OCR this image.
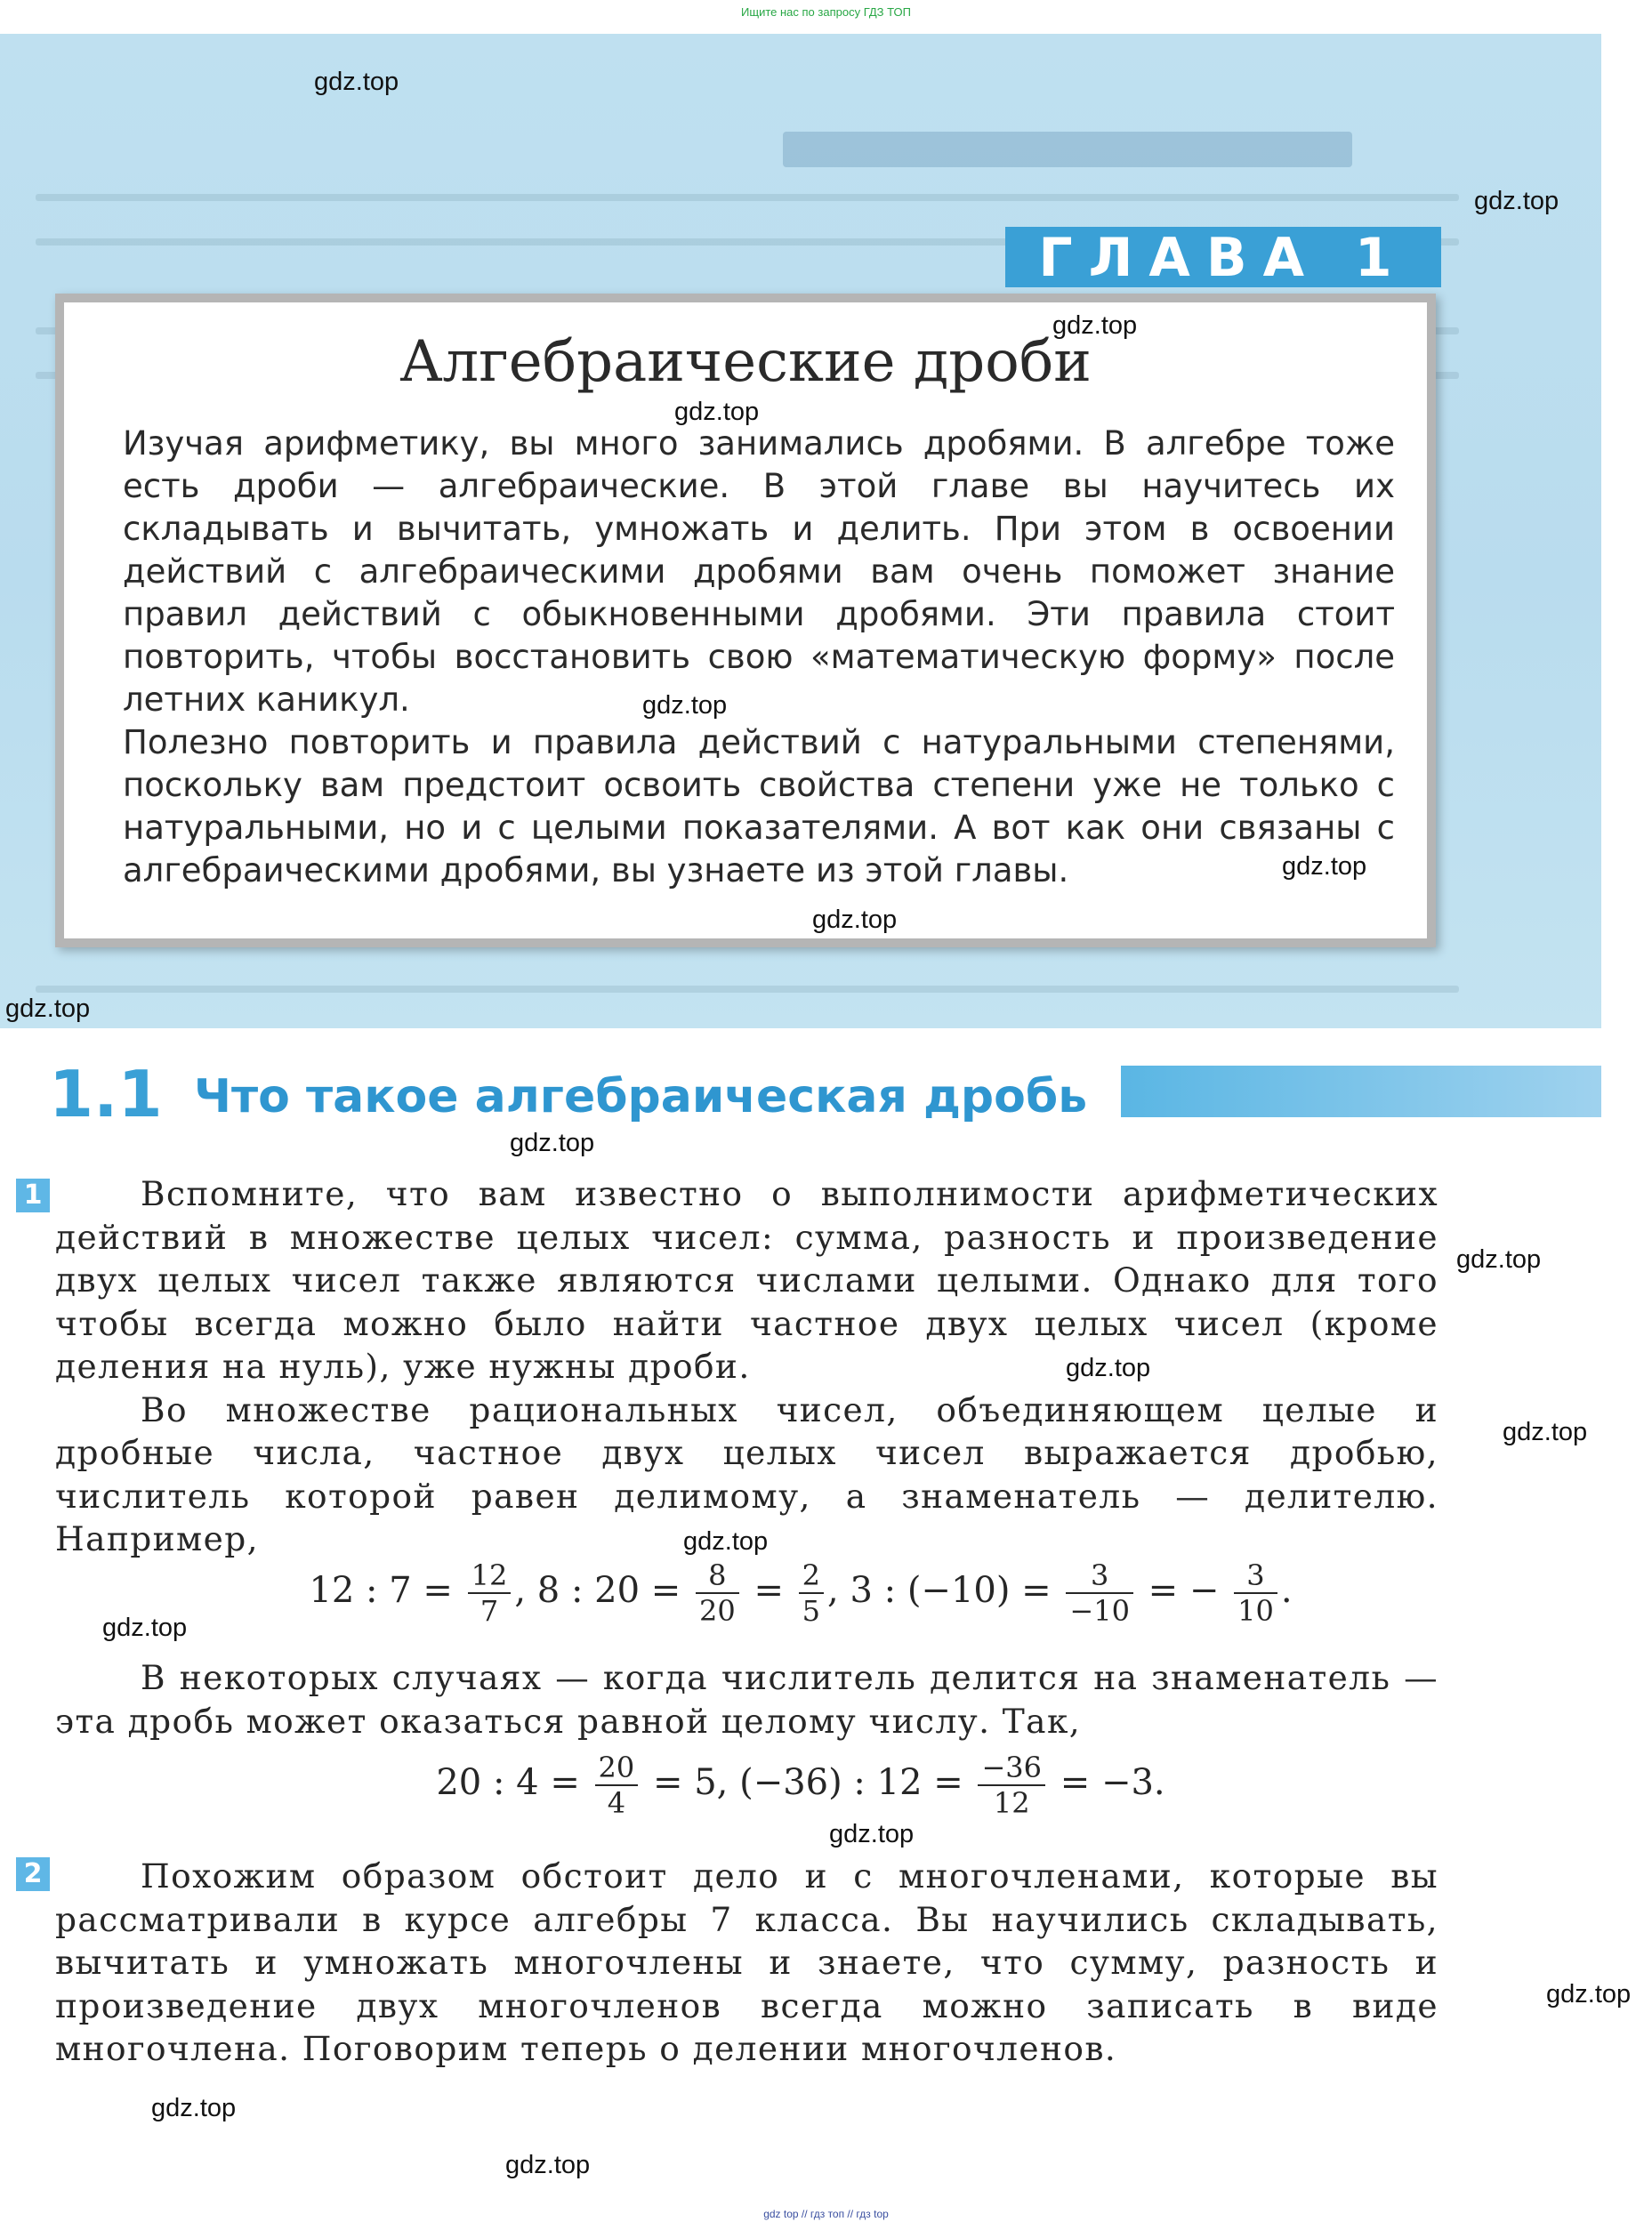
Ищите нас по запросу ГДЗ ТОП
ГЛАВА 1
Алгебраические дроби

Изучая арифметику, вы много занимались дробями. В алгебре тоже есть дроби — алгебраические. В этой главе вы научитесь их складывать и вычитать, умножать и делить. При этом в освоении действий с алгебраическими дробями вам очень поможет знание правил действий с обыкновенными дробями. Эти правила стоит повторить, чтобы восстановить свою «математическую форму» после летних каникул.

Полезно повторить и правила действий с натуральными степенями, поскольку вам предстоит освоить свойства степени уже не только с натуральными, но и с целыми показателями. А вот как они связаны с алгебраическими дробями, вы узнаете из этой главы.

1.1 Что такое алгебраическая дробь
1
2

Вспомните, что вам известно о выполнимости арифметических действий в множестве целых чисел: сумма, разность и произведение двух целых чисел также являются числами целыми. Однако для того чтобы всегда можно было найти частное двух целых чисел (кроме деления на нуль), уже нужны дроби.

Во множестве рациональных чисел, объединяющем целые и дробные числа, частное двух целых чисел выражается дробью, числитель которой равен делимому, а знаменатель — делителю. Например,

12 : $7 = \frac{12}{7}$ , 8 : $20 = \frac{8}{20} = \frac{2}{5}$ , 3 : $(-10) = \frac{3}{-10}$ = − $\frac{3}{10}$ .

В некоторых случаях — когда числитель делится на знаменатель — эта дробь может оказаться равной целому числу. Так,

20 : $4 = \frac{20}{4} = 5$, (−36) : $12 = \frac{-36}{12} = -3$.

Похожим образом обстоит дело и с многочленами, которые вы рассматривали в курсе алгебры 7 класса. Вы научились складывать, вычитать и умножать многочлены и знаете, что сумму, разность и произведение двух многочленов всегда можно записать в виде многочлена. Поговорим теперь о делении многочленов.

gdz.top
gdz.top
gdz.top
gdz.top
gdz.top
gdz.top
gdz.top
gdz.top
gdz.top
gdz.top
gdz.top
gdz.top
gdz.top
gdz.top
gdz.top
gdz.top
gdz.top
gdz.top
gdz top // гдз топ // гдз top
